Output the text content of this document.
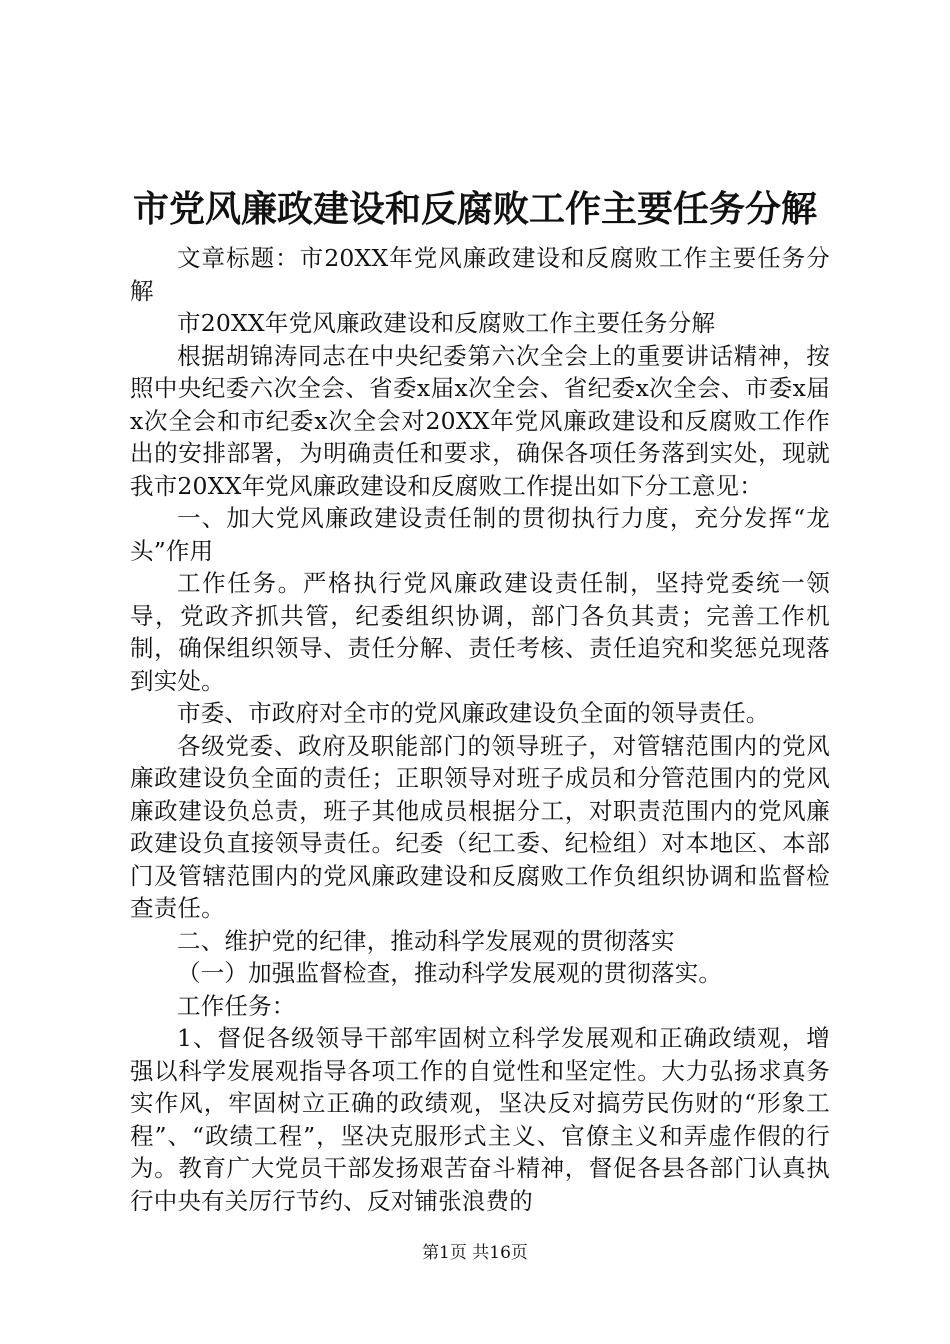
市党风廉政建设和反腐败工作主要任务分解

文章标题：市20XX年党风廉政建设和反腐败工作主要任务分解

市20XX年党风廉政建设和反腐败工作主要任务分解

根据胡锦涛同志在中央纪委第六次全会上的重要讲话精神，按照中央纪委六次全会、省委x届x次全会、省纪委x次全会、市委x届x次全会和市纪委x次全会对20XX年党风廉政建设和反腐败工作作出的安排部署，为明确责任和要求，确保各项任务落到实处，现就我市20XX年党风廉政建设和反腐败工作提出如下分工意见：

一、加大党风廉政建设责任制的贯彻执行力度，充分发挥“龙头”作用

工作任务。严格执行党风廉政建设责任制，坚持党委统一领导，党政齐抓共管，纪委组织协调，部门各负其责；完善工作机制，确保组织领导、责任分解、责任考核、责任追究和奖惩兑现落到实处。

市委、市政府对全市的党风廉政建设负全面的领导责任。

各级党委、政府及职能部门的领导班子，对管辖范围内的党风廉政建设负全面的责任；正职领导对班子成员和分管范围内的党风廉政建设负总责，班子其他成员根据分工，对职责范围内的党风廉政建设负直接领导责任。纪委（纪工委、纪检组）对本地区、本部门及管辖范围内的党风廉政建设和反腐败工作负组织协调和监督检查责任。

二、维护党的纪律，推动科学发展观的贯彻落实

（一）加强监督检查，推动科学发展观的贯彻落实。

工作任务：

1、督促各级领导干部牢固树立科学发展观和正确政绩观，增强以科学发展观指导各项工作的自觉性和坚定性。大力弘扬求真务实作风，牢固树立正确的政绩观，坚决反对搞劳民伤财的“形象工程”、“政绩工程”，坚决克服形式主义、官僚主义和弄虚作假的行为。教育广大党员干部发扬艰苦奋斗精神，督促各县各部门认真执行中央有关厉行节约、反对铺张浪费的

第1页 共16页
